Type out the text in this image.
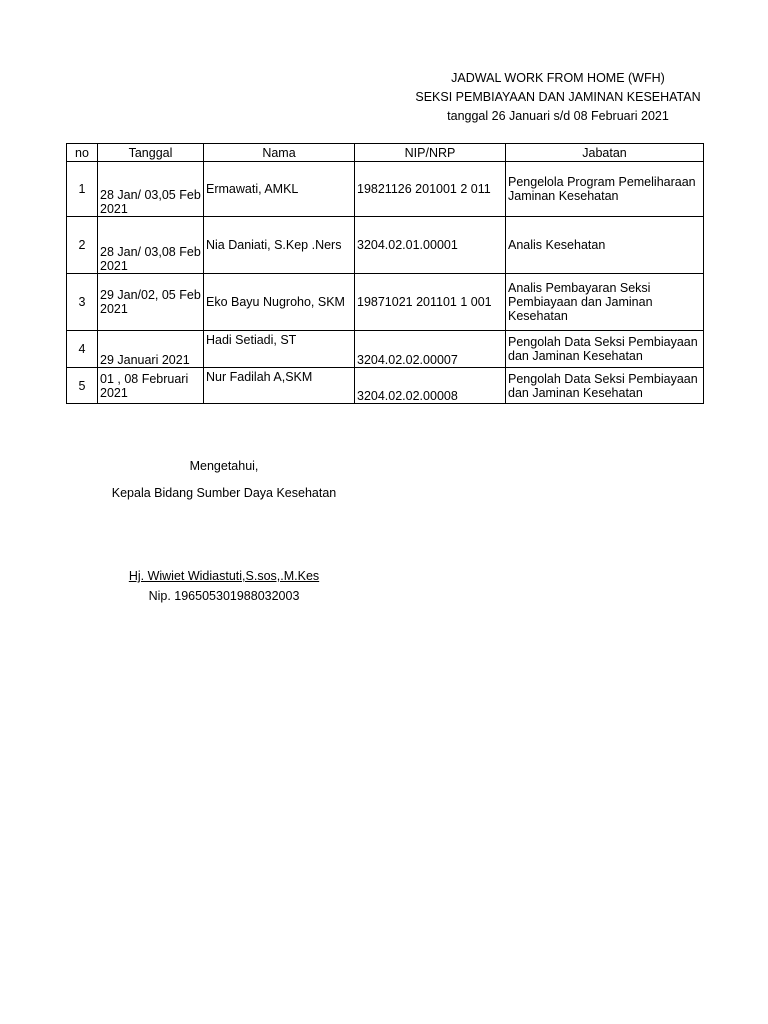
JADWAL WORK FROM HOME (WFH)
SEKSI PEMBIAYAAN DAN JAMINAN KESEHATAN
tanggal 26 Januari s/d 08 Februari 2021
no	Tanggal	Nama	NIP/NRP	Jabatan
1	28 Jan/ 03,05 Feb 2021	Ermawati, AMKL	19821126 201001 2 011	Pengelola Program Pemeliharaan Jaminan Kesehatan
2	28 Jan/ 03,08 Feb 2021	Nia Daniati, S.Kep .Ners	3204.02.01.00001	Analis Kesehatan
3	29 Jan/02, 05 Feb 2021	Eko Bayu Nugroho, SKM	19871021 201101 1 001	Analis Pembayaran Seksi Pembiayaan dan Jaminan Kesehatan
4	29 Januari 2021	Hadi Setiadi, ST	3204.02.02.00007	Pengolah Data Seksi Pembiayaan dan Jaminan Kesehatan
5	01 , 08 Februari 2021	Nur Fadilah A,SKM	3204.02.02.00008	Pengolah Data Seksi Pembiayaan dan Jaminan Kesehatan
Mengetahui,
Kepala Bidang Sumber Daya Kesehatan
Hj. Wiwiet Widiastuti,S.sos,.M.Kes
Nip. 196505301988032003
